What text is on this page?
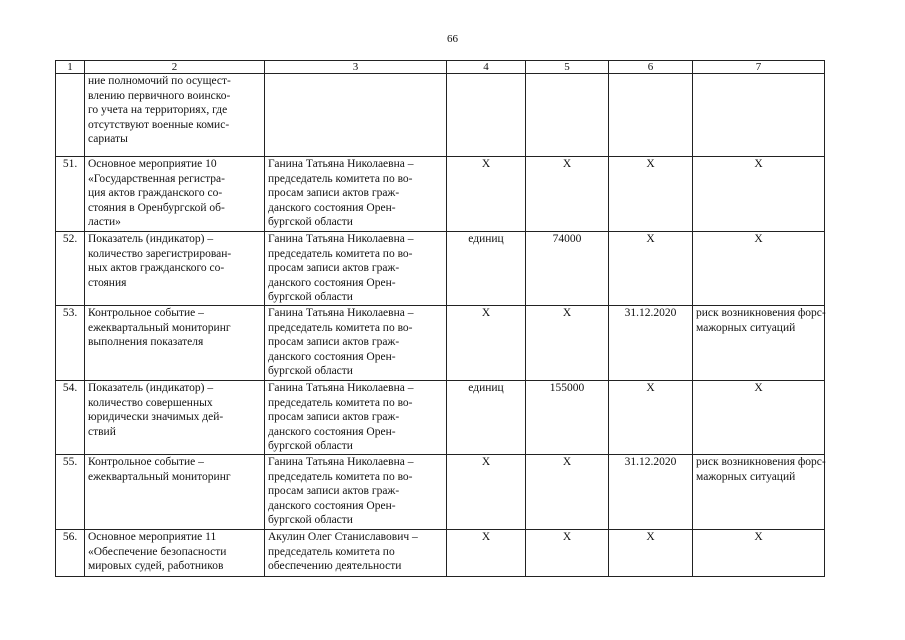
66
1	2	3	4	5	6	7

	ние полномочий по осущест-
влению первичного воинско-
го учета на территориях, где
отсутствуют военные комис-
сариаты					

51.	Основное мероприятие 10
«Государственная регистра-
ция актов гражданского со-
стояния в Оренбургской об-
ласти»	Ганина Татьяна Николаевна –
председатель комитета по во-
просам записи актов граж-
данского состояния Орен-
бургской области	Х	Х	Х	Х

52.	Показатель (индикатор) –
количество зарегистрирован-
ных актов гражданского со-
стояния	Ганина Татьяна Николаевна –
председатель комитета по во-
просам записи актов граж-
данского состояния Орен-
бургской области	единиц	74000	Х	Х

53.	Контрольное событие –
ежеквартальный мониторинг
выполнения показателя	Ганина Татьяна Николаевна –
председатель комитета по во-
просам записи актов граж-
данского состояния Орен-
бургской области	Х	Х	31.12.2020	риск возникновения форс-
мажорных ситуаций

54.	Показатель (индикатор) –
количество совершенных
юридически значимых дей-
ствий	Ганина Татьяна Николаевна –
председатель комитета по во-
просам записи актов граж-
данского состояния Орен-
бургской области	единиц	155000	Х	Х

55.	Контрольное событие –
ежеквартальный мониторинг	Ганина Татьяна Николаевна –
председатель комитета по во-
просам записи актов граж-
данского состояния Орен-
бургской области	Х	Х	31.12.2020	риск возникновения форс-
мажорных ситуаций

56.	Основное мероприятие 11
«Обеспечение безопасности
мировых судей, работников	Акулин Олег Станиславович –
председатель комитета по
обеспечению деятельности	Х	Х	Х	Х
